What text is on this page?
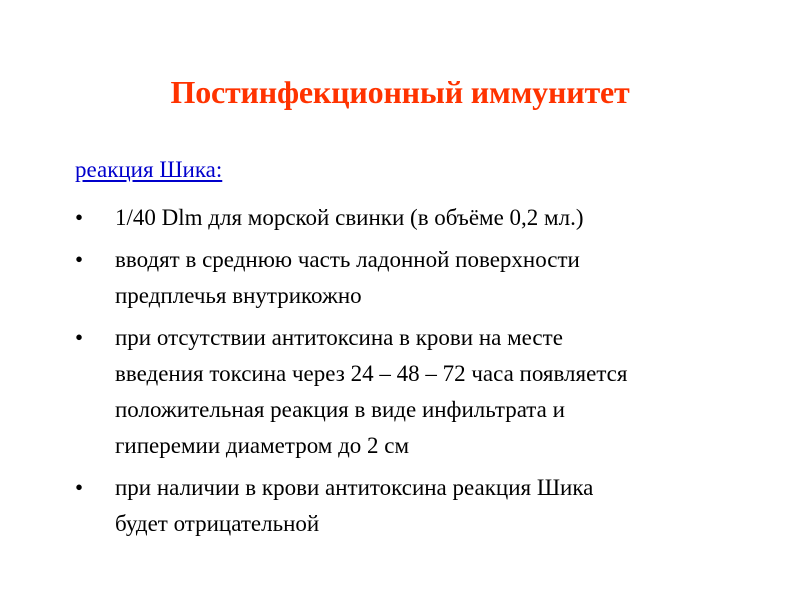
Постинфекционный иммунитет
реакция Шика:
• 1/40 Dlm для морской свинки (в объёме 0,2 мл.)
• вводят в среднюю часть ладонной поверхности
предплечья внутрикожно
• при отсутствии антитоксина в крови на месте
введения токсина через 24 – 48 – 72 часа появляется
положительная реакция в виде инфильтрата и
гиперемии диаметром до 2 см
• при наличии в крови антитоксина реакция Шика
будет отрицательной
